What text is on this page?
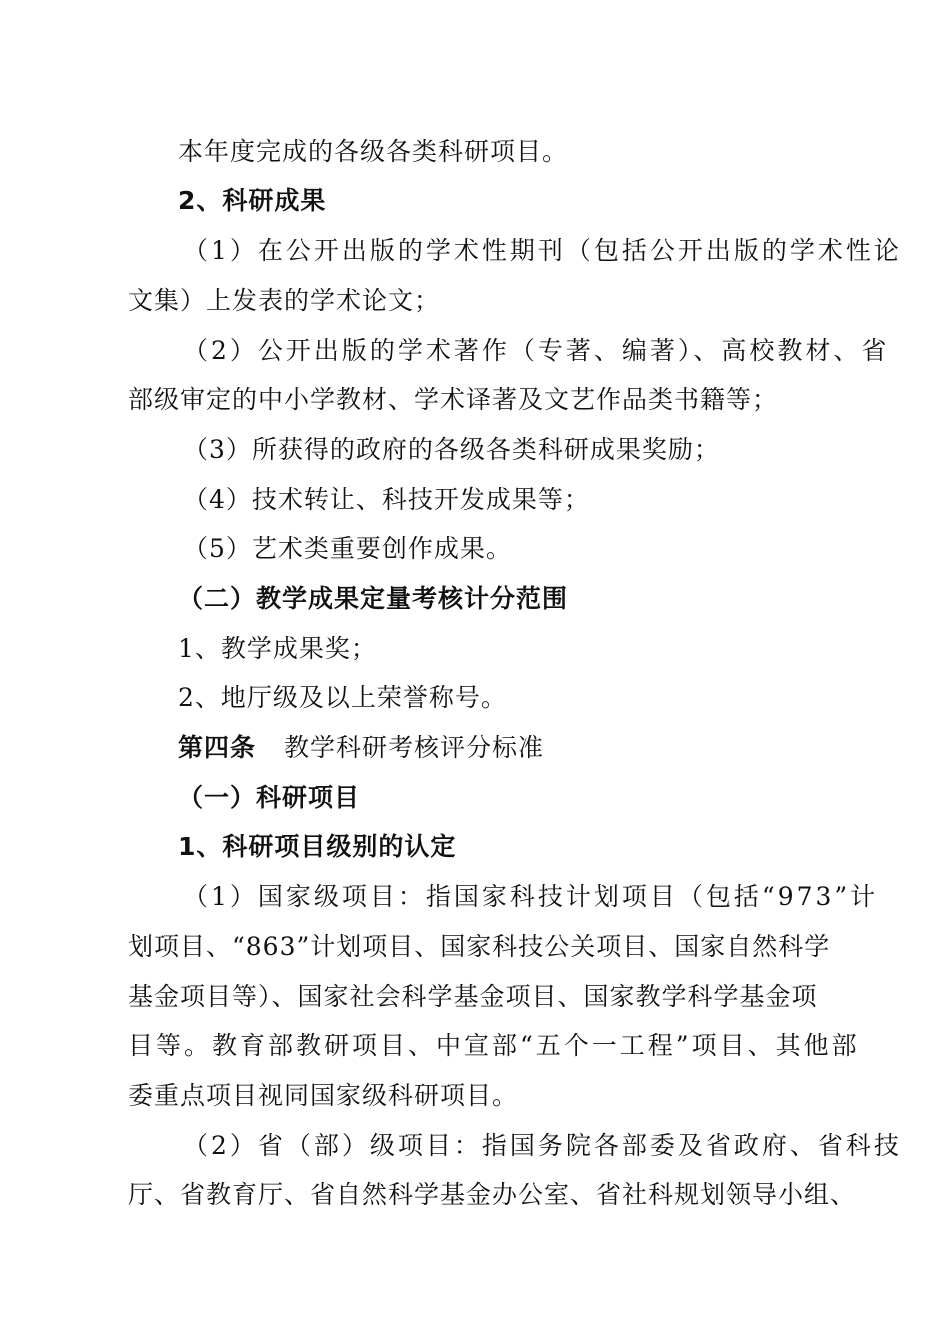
本年度完成的各级各类科研项目。
2、科研成果
（1）在公开出版的学术性期刊（包括公开出版的学术性论
文集）上发表的学术论文；
（2）公开出版的学术著作（专著、编著）、高校教材、省
部级审定的中小学教材、学术译著及文艺作品类书籍等；
（3）所获得的政府的各级各类科研成果奖励；
（4）技术转让、科技开发成果等；
（5）艺术类重要创作成果。
（二）教学成果定量考核计分范围
1、教学成果奖；
2、地厅级及以上荣誉称号。
第四条 教学科研考核评分标准
（一）科研项目
1、科研项目级别的认定
（1）国家级项目：指国家科技计划项目（包括“973”计
划项目、“863”计划项目、国家科技公关项目、国家自然科学
基金项目等）、国家社会科学基金项目、国家教学科学基金项
目等。教育部教研项目、中宣部“五个一工程”项目、其他部
委重点项目视同国家级科研项目。
（2）省（部）级项目：指国务院各部委及省政府、省科技
厅、省教育厅、省自然科学基金办公室、省社科规划领导小组、
